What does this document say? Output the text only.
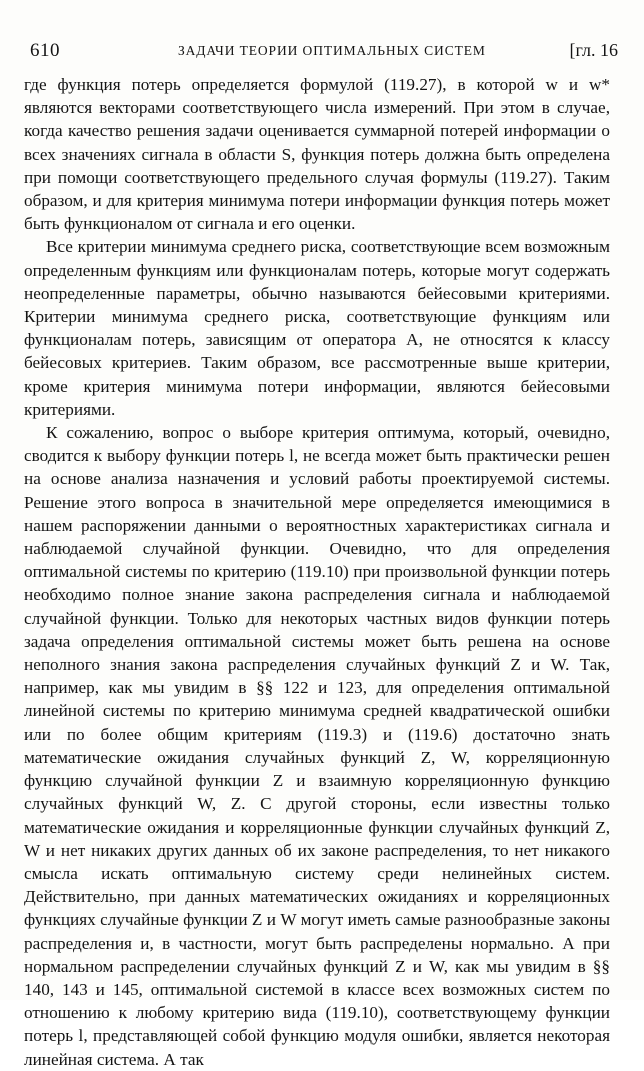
610	ЗАДАЧИ ТЕОРИИ ОПТИМАЛЬНЫХ СИСТЕМ	[гл. 16

где функция потерь определяется формулой (119.27), в которой w и w* являются векторами соответствующего числа измерений. При этом в случае, когда качество решения задачи оценивается суммарной потерей информации о всех значениях сигнала в области S, функция потерь должна быть определена при помощи соответствующего предельного случая формулы (119.27). Таким образом, и для критерия минимума потери информации функция потерь может быть функционалом от сигнала и его оценки.

Все критерии минимума среднего риска, соответствующие всем возможным определенным функциям или функционалам потерь, которые могут содержать неопределенные параметры, обычно называются бейесовыми критериями. Критерии минимума среднего риска, соответствующие функциям или функционалам потерь, зависящим от оператора A, не относятся к классу бейесовых критериев. Таким образом, все рассмотренные выше критерии, кроме критерия минимума потери информации, являются бейесовыми критериями.

К сожалению, вопрос о выборе критерия оптимума, который, очевидно, сводится к выбору функции потерь l, не всегда может быть практически решен на основе анализа назначения и условий работы проектируемой системы. Решение этого вопроса в значительной мере определяется имеющимися в нашем распоряжении данными о вероятностных характеристиках сигнала и наблюдаемой случайной функции. Очевидно, что для определения оптимальной системы по критерию (119.10) при произвольной функции потерь необходимо полное знание закона распределения сигнала и наблюдаемой случайной функции. Только для некоторых частных видов функции потерь задача определения оптимальной системы может быть решена на основе неполного знания закона распределения случайных функций Z и W. Так, например, как мы увидим в §§ 122 и 123, для определения оптимальной линейной системы по критерию минимума средней квадратической ошибки или по более общим критериям (119.3) и (119.6) достаточно знать математические ожидания случайных функций Z, W, корреляционную функцию случайной функции Z и взаимную корреляционную функцию случайных функций W, Z. С другой стороны, если известны только математические ожидания и корреляционные функции случайных функций Z, W и нет никаких других данных об их законе распределения, то нет никакого смысла искать оптимальную систему среди нелинейных систем. Действительно, при данных математических ожиданиях и корреляционных функциях случайные функции Z и W могут иметь самые разнообразные законы распределения и, в частности, могут быть распределены нормально. А при нормальном распределении случайных функций Z и W, как мы увидим в §§ 140, 143 и 145, оптимальной системой в классе всех возможных систем по отношению к любому критерию вида (119.10), соответствующему функции потерь l, представляющей собой функцию модуля ошибки, является некоторая линейная система. А так
